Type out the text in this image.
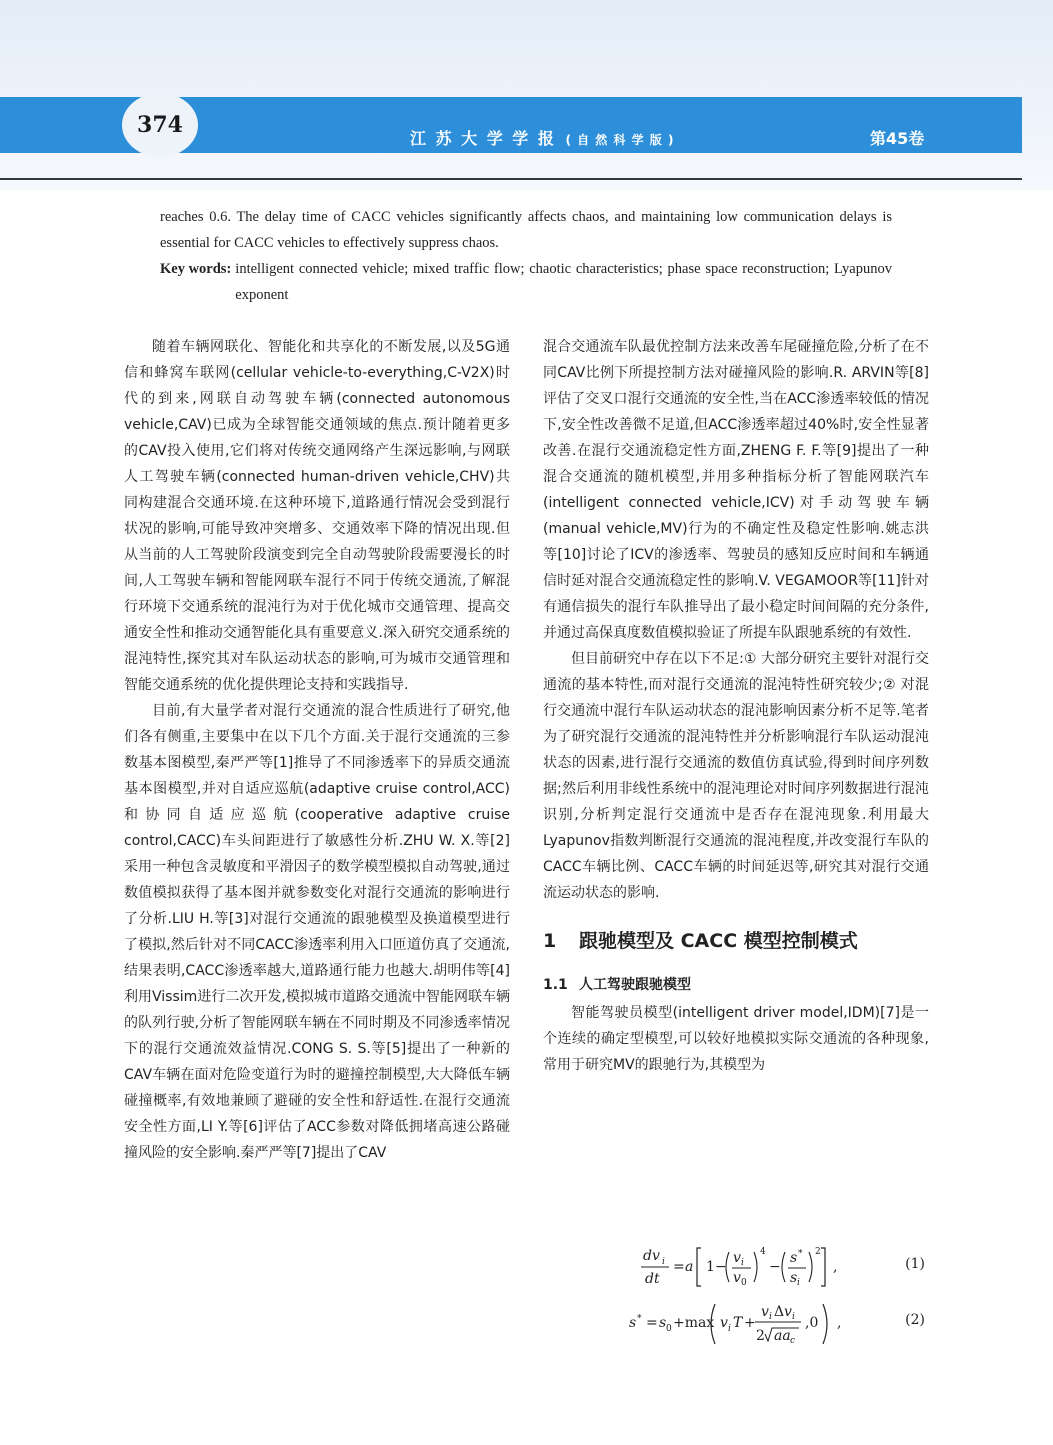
374
江 苏 大 学 学 报 ( 自 然 科 学 版 )	第45卷
reaches 0.6. The delay time of CACC vehicles significantly affects chaos, and maintaining low communication delays is essential for CACC vehicles to effectively suppress chaos.
Key words: intelligent connected vehicle; mixed traffic flow; chaotic characteristics; phase space reconstruction; Lyapunov exponent

随着车辆网联化、智能化和共享化的不断发展,以及5G通信和蜂窝车联网(cellular vehicle-to-everything,C-V2X)时代的到来,网联自动驾驶车辆(connected autonomous vehicle,CAV)已成为全球智能交通领域的焦点.预计随着更多的CAV投入使用,它们将对传统交通网络产生深远影响,与网联人工驾驶车辆(connected human-driven vehicle,CHV)共同构建混合交通环境.在这种环境下,道路通行情况会受到混行状况的影响,可能导致冲突增多、交通效率下降的情况出现.但从当前的人工驾驶阶段演变到完全自动驾驶阶段需要漫长的时间,人工驾驶车辆和智能网联车混行不同于传统交通流,了解混行环境下交通系统的混沌行为对于优化城市交通管理、提高交通安全性和推动交通智能化具有重要意义.深入研究交通系统的混沌特性,探究其对车队运动状态的影响,可为城市交通管理和智能交通系统的优化提供理论支持和实践指导.

目前,有大量学者对混行交通流的混合性质进行了研究,他们各有侧重,主要集中在以下几个方面.关于混行交通流的三参数基本图模型,秦严严等[1]推导了不同渗透率下的异质交通流基本图模型,并对自适应巡航(adaptive cruise control,ACC)和协同自适应巡航(cooperative adaptive cruise control,CACC)车头间距进行了敏感性分析.ZHU W. X.等[2]采用一种包含灵敏度和平滑因子的数学模型模拟自动驾驶,通过数值模拟获得了基本图并就参数变化对混行交通流的影响进行了分析.LIU H.等[3]对混行交通流的跟驰模型及换道模型进行了模拟,然后针对不同CACC渗透率利用入口匝道仿真了交通流,结果表明,CACC渗透率越大,道路通行能力也越大.胡明伟等[4]利用Vissim进行二次开发,模拟城市道路交通流中智能网联车辆的队列行驶,分析了智能网联车辆在不同时期及不同渗透率情况下的混行交通流效益情况.CONG S. S.等[5]提出了一种新的CAV车辆在面对危险变道行为时的避撞控制模型,大大降低车辆碰撞概率,有效地兼顾了避碰的安全性和舒适性.在混行交通流安全性方面,LI Y.等[6]评估了ACC参数对降低拥堵高速公路碰撞风险的安全影响.秦严严等[7]提出了CAV

混合交通流车队最优控制方法来改善车尾碰撞危险,分析了在不同CAV比例下所提控制方法对碰撞风险的影响.R. ARVIN等[8]评估了交叉口混行交通流的安全性,当在ACC渗透率较低的情况下,安全性改善微不足道,但ACC渗透率超过40%时,安全性显著改善.在混行交通流稳定性方面,ZHENG F. F.等[9]提出了一种混合交通流的随机模型,并用多种指标分析了智能网联汽车(intelligent connected vehicle,ICV)对手动驾驶车辆(manual vehicle,MV)行为的不确定性及稳定性影响.姚志洪等[10]讨论了ICV的渗透率、驾驶员的感知反应时间和车辆通信时延对混合交通流稳定性的影响.V. VEGAMOOR等[11]针对有通信损失的混行车队推导出了最小稳定时间间隔的充分条件,并通过高保真度数值模拟验证了所提车队跟驰系统的有效性.

但目前研究中存在以下不足:① 大部分研究主要针对混行交通流的基本特性,而对混行交通流的混沌特性研究较少;② 对混行交通流中混行车队运动状态的混沌影响因素分析不足等.笔者为了研究混行交通流的混沌特性并分析影响混行车队运动混沌状态的因素,进行混行交通流的数值仿真试验,得到时间序列数据;然后利用非线性系统中的混沌理论对时间序列数据进行混沌识别,分析判定混行交通流中是否存在混沌现象.利用最大Lyapunov指数判断混行交通流的混沌程度,并改变混行车队的CACC车辆比例、CACC车辆的时间延迟等,研究其对混行交通流运动状态的影响.

1 跟驰模型及 CACC 模型控制模式
1.1 人工驾驶跟驰模型

智能驾驶员模型(intelligent driver model,IDM)[7]是一个连续的确定型模型,可以较好地模拟实际交通流的各种现象,常用于研究MV的跟驰行为,其模型为

dv i
dt
= a 1−
v i
v 0
4
−
s *
s i
2
,	(1)
s * = s 0 +max v i T +
v i Δ v i
2 aa c
,0 ,	(2)
